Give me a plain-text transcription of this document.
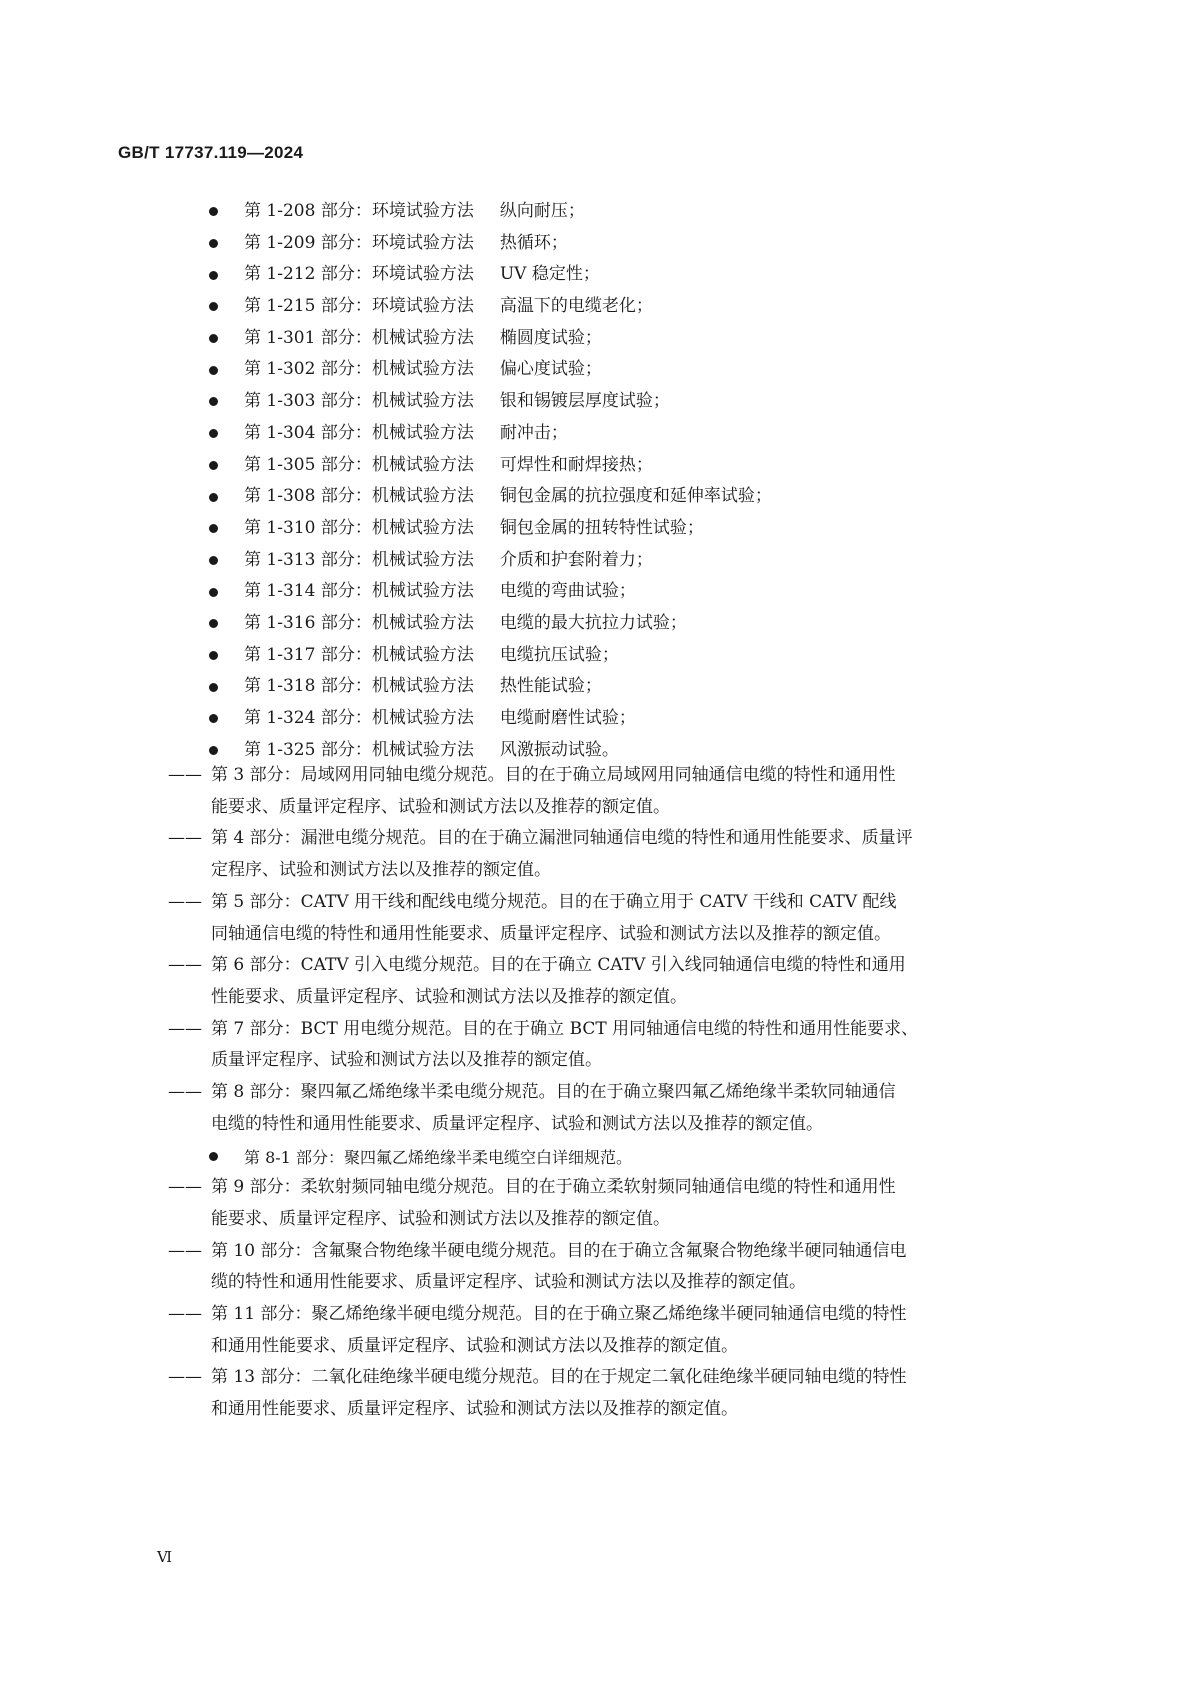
GB/T 17737.119—2024
第 1-208 部分：环境试验方法 纵向耐压；
第 1-209 部分：环境试验方法 热循环；
第 1-212 部分：环境试验方法 UV 稳定性；
第 1-215 部分：环境试验方法 高温下的电缆老化；
第 1-301 部分：机械试验方法 椭圆度试验；
第 1-302 部分：机械试验方法 偏心度试验；
第 1-303 部分：机械试验方法 银和锡镀层厚度试验；
第 1-304 部分：机械试验方法 耐冲击；
第 1-305 部分：机械试验方法 可焊性和耐焊接热；
第 1-308 部分：机械试验方法 铜包金属的抗拉强度和延伸率试验；
第 1-310 部分：机械试验方法 铜包金属的扭转特性试验；
第 1-313 部分：机械试验方法 介质和护套附着力；
第 1-314 部分：机械试验方法 电缆的弯曲试验；
第 1-316 部分：机械试验方法 电缆的最大抗拉力试验；
第 1-317 部分：机械试验方法 电缆抗压试验；
第 1-318 部分：机械试验方法 热性能试验；
第 1-324 部分：机械试验方法 电缆耐磨性试验；
第 1-325 部分：机械试验方法 风激振动试验。
—— 第 3 部分：局域网用同轴电缆分规范。目的在于确立局域网用同轴通信电缆的特性和通用性
能要求、质量评定程序、试验和测试方法以及推荐的额定值。
—— 第 4 部分：漏泄电缆分规范。目的在于确立漏泄同轴通信电缆的特性和通用性能要求、质量评
定程序、试验和测试方法以及推荐的额定值。
—— 第 5 部分：CATV 用干线和配线电缆分规范。目的在于确立用于 CATV 干线和 CATV 配线
同轴通信电缆的特性和通用性能要求、质量评定程序、试验和测试方法以及推荐的额定值。
—— 第 6 部分：CATV 引入电缆分规范。目的在于确立 CATV 引入线同轴通信电缆的特性和通用
性能要求、质量评定程序、试验和测试方法以及推荐的额定值。
—— 第 7 部分：BCT 用电缆分规范。目的在于确立 BCT 用同轴通信电缆的特性和通用性能要求、
质量评定程序、试验和测试方法以及推荐的额定值。
—— 第 8 部分：聚四氟乙烯绝缘半柔电缆分规范。目的在于确立聚四氟乙烯绝缘半柔软同轴通信
电缆的特性和通用性能要求、质量评定程序、试验和测试方法以及推荐的额定值。
第 8-1 部分：聚四氟乙烯绝缘半柔电缆空白详细规范。
—— 第 9 部分：柔软射频同轴电缆分规范。目的在于确立柔软射频同轴通信电缆的特性和通用性
能要求、质量评定程序、试验和测试方法以及推荐的额定值。
—— 第 10 部分：含氟聚合物绝缘半硬电缆分规范。目的在于确立含氟聚合物绝缘半硬同轴通信电
缆的特性和通用性能要求、质量评定程序、试验和测试方法以及推荐的额定值。
—— 第 11 部分：聚乙烯绝缘半硬电缆分规范。目的在于确立聚乙烯绝缘半硬同轴通信电缆的特性
和通用性能要求、质量评定程序、试验和测试方法以及推荐的额定值。
—— 第 13 部分：二氧化硅绝缘半硬电缆分规范。目的在于规定二氧化硅绝缘半硬同轴电缆的特性
和通用性能要求、质量评定程序、试验和测试方法以及推荐的额定值。
Ⅵ
